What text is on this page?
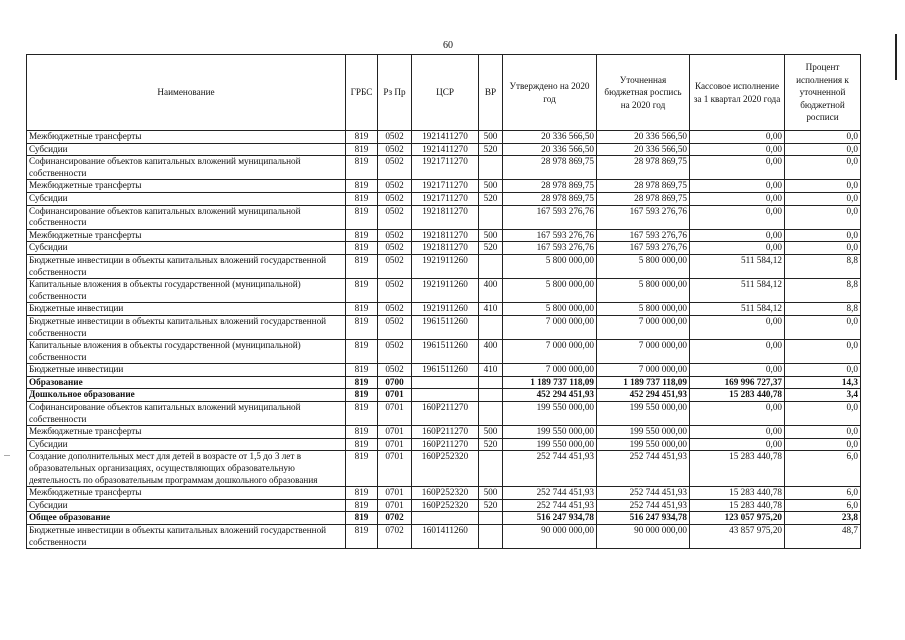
60
Наименование	ГРБС	Рз Пр	ЦСР	ВР	Утверждено на 2020 год	Уточненная бюджетная роспись на 2020 год	Кассовое исполнение за 1 квартал 2020 года	Процент исполнения к уточненной бюджетной росписи
Межбюджетные трансферты	819	0502	1921411270	500	20 336 566,50	20 336 566,50	0,00	0,0
Субсидии	819	0502	1921411270	520	20 336 566,50	20 336 566,50	0,00	0,0
Софинансирование объектов капитальных вложений муниципальной собственности	819	0502	1921711270		28 978 869,75	28 978 869,75	0,00	0,0
Межбюджетные трансферты	819	0502	1921711270	500	28 978 869,75	28 978 869,75	0,00	0,0
Субсидии	819	0502	1921711270	520	28 978 869,75	28 978 869,75	0,00	0,0
Софинансирование объектов капитальных вложений муниципальной собственности	819	0502	1921811270		167 593 276,76	167 593 276,76	0,00	0,0
Межбюджетные трансферты	819	0502	1921811270	500	167 593 276,76	167 593 276,76	0,00	0,0
Субсидии	819	0502	1921811270	520	167 593 276,76	167 593 276,76	0,00	0,0
Бюджетные инвестиции в объекты капитальных вложений государственной собственности	819	0502	1921911260		5 800 000,00	5 800 000,00	511 584,12	8,8
Капитальные вложения в объекты государственной (муниципальной) собственности	819	0502	1921911260	400	5 800 000,00	5 800 000,00	511 584,12	8,8
Бюджетные инвестиции	819	0502	1921911260	410	5 800 000,00	5 800 000,00	511 584,12	8,8
Бюджетные инвестиции в объекты капитальных вложений государственной собственности	819	0502	1961511260		7 000 000,00	7 000 000,00	0,00	0,0
Капитальные вложения в объекты государственной (муниципальной) собственности	819	0502	1961511260	400	7 000 000,00	7 000 000,00	0,00	0,0
Бюджетные инвестиции	819	0502	1961511260	410	7 000 000,00	7 000 000,00	0,00	0,0
Образование	819	0700			1 189 737 118,09	1 189 737 118,09	169 996 727,37	14,3
Дошкольное образование	819	0701			452 294 451,93	452 294 451,93	15 283 440,78	3,4
Софинансирование объектов капитальных вложений муниципальной собственности	819	0701	160P211270		199 550 000,00	199 550 000,00	0,00	0,0
Межбюджетные трансферты	819	0701	160P211270	500	199 550 000,00	199 550 000,00	0,00	0,0
Субсидии	819	0701	160P211270	520	199 550 000,00	199 550 000,00	0,00	0,0
Создание дополнительных мест для детей в возрасте от 1,5 до 3 лет в образовательных организациях, осуществляющих образовательную деятельность по образовательным программам дошкольного образования	819	0701	160P252320		252 744 451,93	252 744 451,93	15 283 440,78	6,0
Межбюджетные трансферты	819	0701	160P252320	500	252 744 451,93	252 744 451,93	15 283 440,78	6,0
Субсидии	819	0701	160P252320	520	252 744 451,93	252 744 451,93	15 283 440,78	6,0
Общее образование	819	0702			516 247 934,78	516 247 934,78	123 057 975,20	23,8
Бюджетные инвестиции в объекты капитальных вложений государственной собственности	819	0702	1601411260		90 000 000,00	90 000 000,00	43 857 975,20	48,7
